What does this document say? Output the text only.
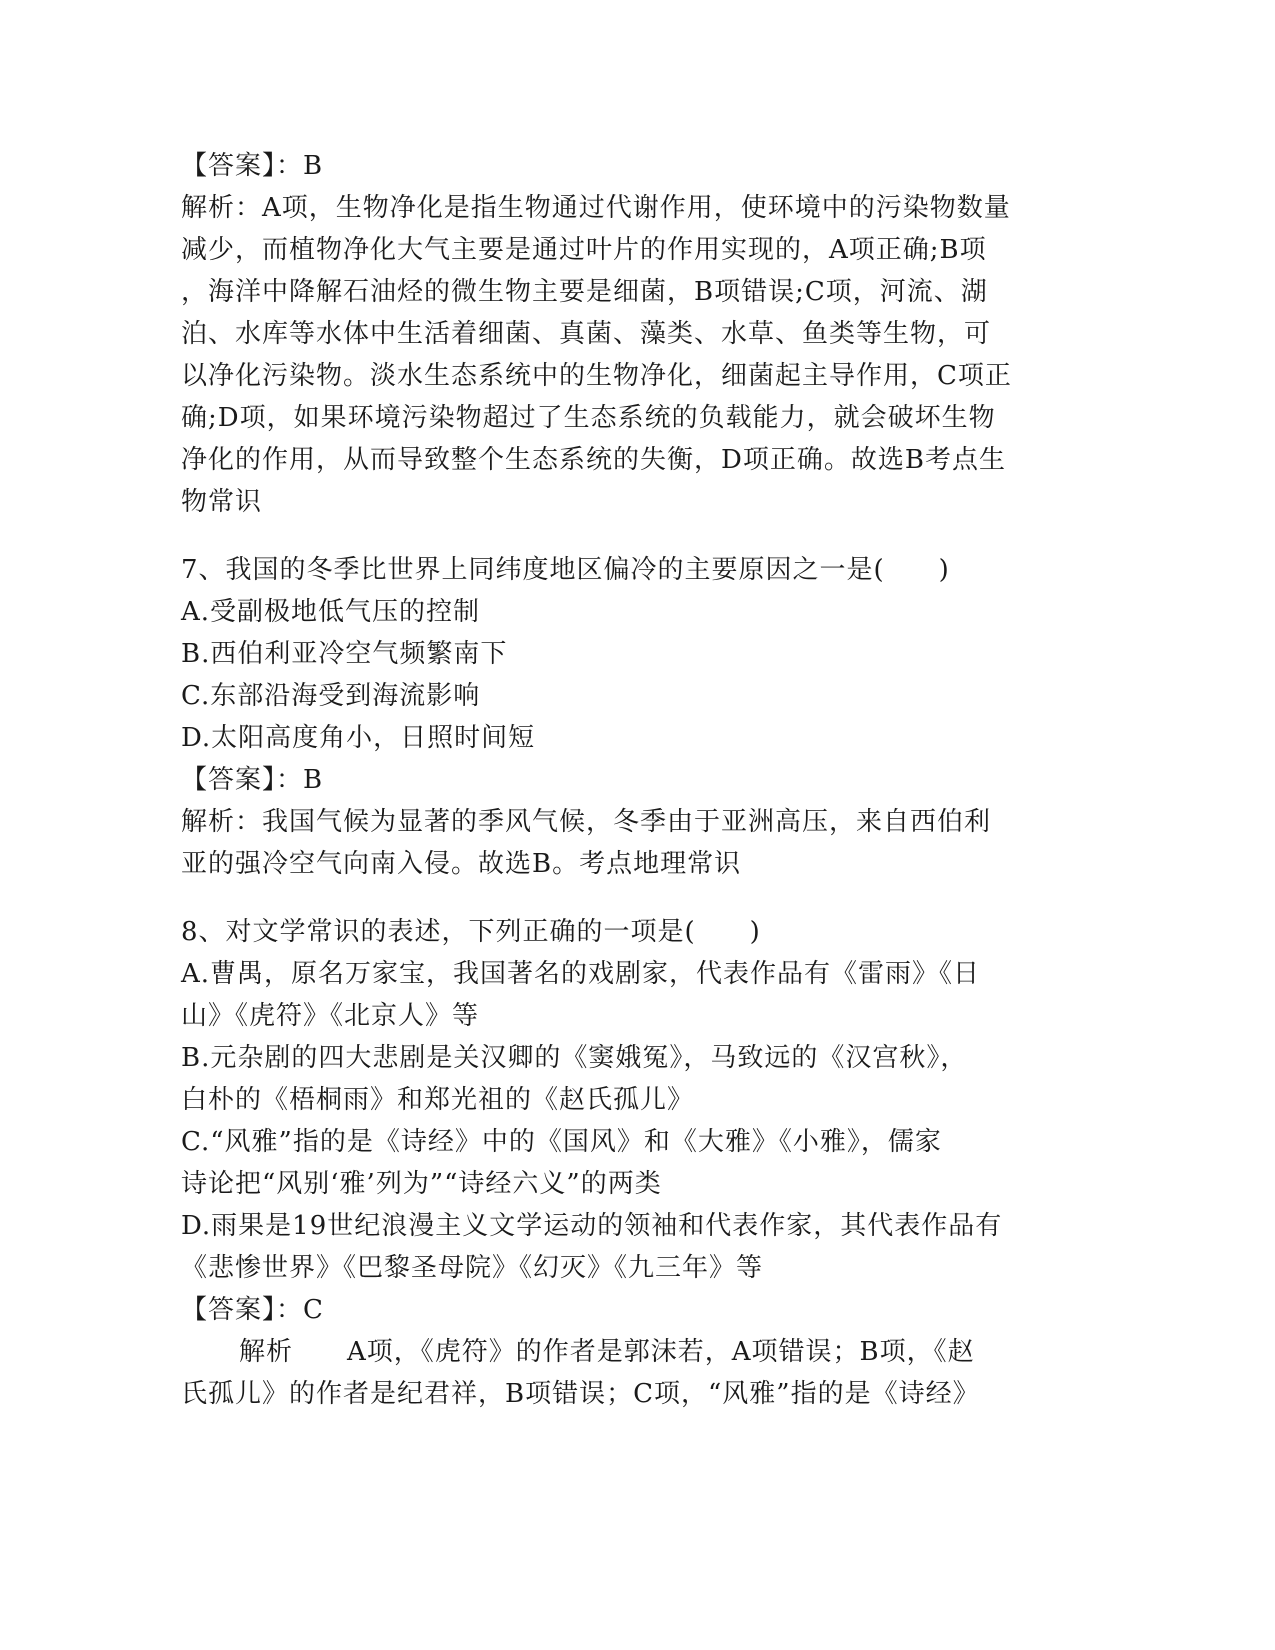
【答案】：B
解析：A项，生物净化是指生物通过代谢作用，使环境中的污染物数量
减少，而植物净化大气主要是通过叶片的作用实现的，A项正确;B项
，海洋中降解石油烃的微生物主要是细菌，B项错误;C项，河流、湖
泊、水库等水体中生活着细菌、真菌、藻类、水草、鱼类等生物，可
以净化污染物。淡水生态系统中的生物净化，细菌起主导作用，C项正
确;D项，如果环境污染物超过了生态系统的负载能力，就会破坏生物
净化的作用，从而导致整个生态系统的失衡，D项正确。故选B考点生
物常识
7、我国的冬季比世界上同纬度地区偏冷的主要原因之一是(　　)
A.受副极地低气压的控制
B.西伯利亚冷空气频繁南下
C.东部沿海受到海流影响
D.太阳高度角小，日照时间短
【答案】：B
解析：我国气候为显著的季风气候，冬季由于亚洲高压，来自西伯利
亚的强冷空气向南入侵。故选B。考点地理常识
8、对文学常识的表述，下列正确的一项是(　　)
A.曹禺，原名万家宝，我国著名的戏剧家，代表作品有《雷雨》《日
山》《虎符》《北京人》等
B.元杂剧的四大悲剧是关汉卿的《窦娥冤》，马致远的《汉宫秋》，
白朴的《梧桐雨》和郑光祖的《赵氏孤儿》
C.“风雅”指的是《诗经》中的《国风》和《大雅》《小雅》，儒家
诗论把“风别‘雅’列为”“诗经六义”的两类
D.雨果是19世纪浪漫主义文学运动的领袖和代表作家，其代表作品有
《悲惨世界》《巴黎圣母院》《幻灭》《九三年》等
【答案】：C
解析　　A项，《虎符》的作者是郭沫若，A项错误；B项，《赵
氏孤儿》的作者是纪君祥，B项错误；C项，“风雅”指的是《诗经》
